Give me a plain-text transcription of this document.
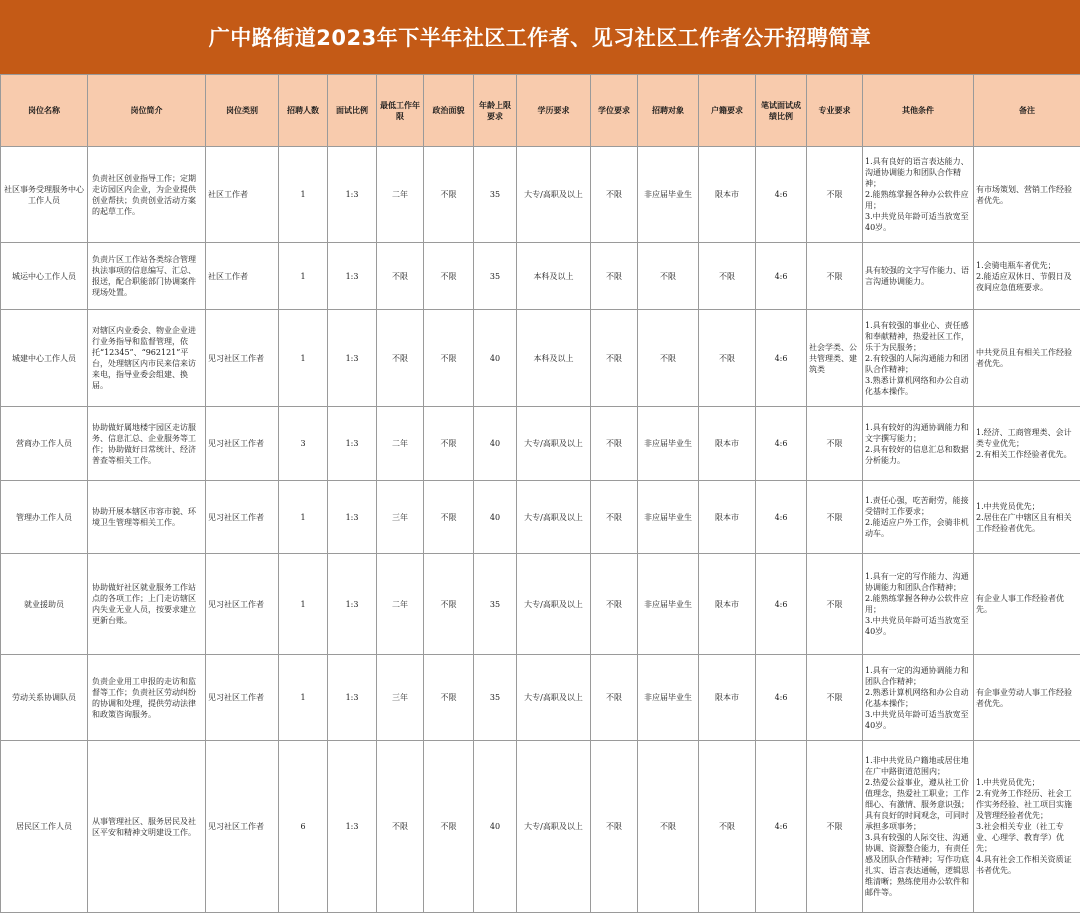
广中路街道2023年下半年社区工作者、见习社区工作者公开招聘简章
岗位名称	岗位简介	岗位类别	招聘人数	面试比例	最低工作年限	政治面貌	年龄上限要求	学历要求	学位要求	招聘对象	户籍要求	笔试面试成绩比例	专业要求	其他条件	备注
社区事务受理服务中心工作人员	负责社区创业指导工作；定期走访园区内企业，为企业提供创业帮扶；负责创业活动方案的起草工作。	社区工作者	1	1:3	二年	不限	35	大专/高职及以上	不限	非应届毕业生	限本市	4:6	不限	1.具有良好的语言表达能力、沟通协调能力和团队合作精神；
2.能熟练掌握各种办公软件应用；
3.中共党员年龄可适当放宽至40岁。	有市场策划、营销工作经验者优先。
城运中心工作人员	负责片区工作站各类综合管理执法事项的信息编写、汇总、报送，配合职能部门协调案件现场处置。	社区工作者	1	1:3	不限	不限	35	本科及以上	不限	不限	不限	4:6	不限	具有较强的文字写作能力、语言沟通协调能力。	1.会骑电瓶车者优先；
2.能适应双休日、节假日及夜间应急值班要求。
城建中心工作人员	对辖区内业委会、物业企业进行业务指导和监督管理，依托“12345”、“962121”平台，处理辖区内市民来信来访来电，指导业委会组建、换届。	见习社区工作者	1	1:3	不限	不限	40	本科及以上	不限	不限	不限	4:6	社会学类、公共管理类、建筑类	1.具有较强的事业心、责任感和奉献精神，热爱社区工作，乐于为民服务；
2.有较强的人际沟通能力和团队合作精神；
3.熟悉计算机网络和办公自动化基本操作。	中共党员且有相关工作经验者优先。
营商办工作人员	协助做好属地楼宇园区走访服务、信息汇总、企业服务等工作；协助做好日常统计、经济普查等相关工作。	见习社区工作者	3	1:3	二年	不限	40	大专/高职及以上	不限	非应届毕业生	限本市	4:6	不限	1.具有较好的沟通协调能力和文字撰写能力；
2.具有较好的信息汇总和数据分析能力。	1.经济、工商管理类、会计类专业优先；
2.有相关工作经验者优先。
管理办工作人员	协助开展本辖区市容市貌、环境卫生管理等相关工作。	见习社区工作者	1	1:3	三年	不限	40	大专/高职及以上	不限	非应届毕业生	限本市	4:6	不限	1.责任心强，吃苦耐劳，能接受错时工作要求；
2.能适应户外工作，会骑非机动车。	1.中共党员优先；
2.居住在广中辖区且有相关工作经验者优先。
就业援助员	协助做好社区就业服务工作站点的各项工作；上门走访辖区内失业无业人员，按要求建立更新台账。	见习社区工作者	1	1:3	二年	不限	35	大专/高职及以上	不限	非应届毕业生	限本市	4:6	不限	1.具有一定的写作能力、沟通协调能力和团队合作精神；
2.能熟练掌握各种办公软件应用；
3.中共党员年龄可适当放宽至40岁。	有企业人事工作经验者优先。
劳动关系协调队员	负责企业用工申报的走访和监督等工作；负责社区劳动纠纷的协调和处理，提供劳动法律和政策咨询服务。	见习社区工作者	1	1:3	三年	不限	35	大专/高职及以上	不限	非应届毕业生	限本市	4:6	不限	1.具有一定的沟通协调能力和团队合作精神；
2.熟悉计算机网络和办公自动化基本操作；
3.中共党员年龄可适当放宽至40岁。	有企事业劳动人事工作经验者优先。
居民区工作人员	从事管理社区、服务居民及社区平安和精神文明建设工作。	见习社区工作者	6	1:3	不限	不限	40	大专/高职及以上	不限	不限	不限	4:6	不限	1.非中共党员户籍地或居住地在广中路街道范围内；
2.热爱公益事业，遵从社工价值理念，热爱社工职业；工作细心、有激情、服务意识强；具有良好的时间观念，可同时承担多项事务；
3.具有较强的人际交往、沟通协调、资源整合能力，有责任感及团队合作精神；写作功底扎实、语言表达通畅，逻辑思维清晰；熟练使用办公软件和邮件等。	1.中共党员优先；
2.有党务工作经历、社会工作实务经验、社工项目实施及管理经验者优先；
3.社会相关专业（社工专业、心理学、教育学）优先；
4.具有社会工作相关资质证书者优先。
